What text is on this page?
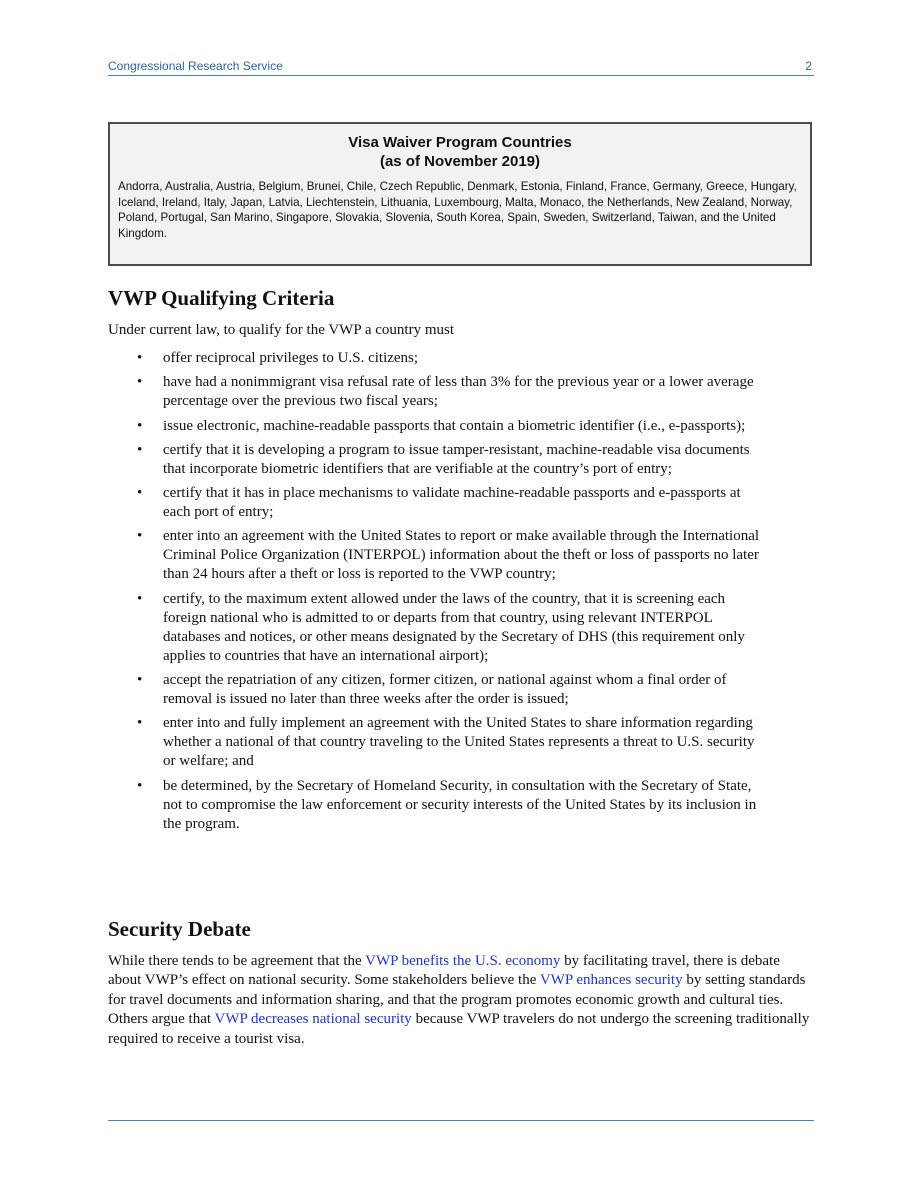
Congressional Research Service	2
Visa Waiver Program Countries
(as of November 2019)
Andorra, Australia, Austria, Belgium, Brunei, Chile, Czech Republic, Denmark, Estonia, Finland, France, Germany, Greece, Hungary, Iceland, Ireland, Italy, Japan, Latvia, Liechtenstein, Lithuania, Luxembourg, Malta, Monaco, the Netherlands, New Zealand, Norway, Poland, Portugal, San Marino, Singapore, Slovakia, Slovenia, South Korea, Spain, Sweden, Switzerland, Taiwan, and the United Kingdom.
VWP Qualifying Criteria

Under current law, to qualify for the VWP a country must

• offer reciprocal privileges to U.S. citizens;
• have had a nonimmigrant visa refusal rate of less than 3% for the previous year or a lower average percentage over the previous two fiscal years;
• issue electronic, machine-readable passports that contain a biometric identifier (i.e., e-passports);
• certify that it is developing a program to issue tamper-resistant, machine-readable visa documents that incorporate biometric identifiers that are verifiable at the country’s port of entry;
• certify that it has in place mechanisms to validate machine-readable passports and e-passports at each port of entry;
• enter into an agreement with the United States to report or make available through the International Criminal Police Organization (INTERPOL) information about the theft or loss of passports no later than 24 hours after a theft or loss is reported to the VWP country;
• certify, to the maximum extent allowed under the laws of the country, that it is screening each foreign national who is admitted to or departs from that country, using relevant INTERPOL databases and notices, or other means designated by the Secretary of DHS (this requirement only applies to countries that have an international airport);
• accept the repatriation of any citizen, former citizen, or national against whom a final order of removal is issued no later than three weeks after the order is issued;
• enter into and fully implement an agreement with the United States to share information regarding whether a national of that country traveling to the United States represents a threat to U.S. security or welfare; and
• be determined, by the Secretary of Homeland Security, in consultation with the Secretary of State, not to compromise the law enforcement or security interests of the United States by its inclusion in the program.
Security Debate

While there tends to be agreement that the VWP benefits the U.S. economy by facilitating travel, there is debate about VWP’s effect on national security. Some stakeholders believe the VWP enhances security by setting standards for travel documents and information sharing, and that the program promotes economic growth and cultural ties. Others argue that VWP decreases national security because VWP travelers do not undergo the screening traditionally required to receive a tourist visa.
